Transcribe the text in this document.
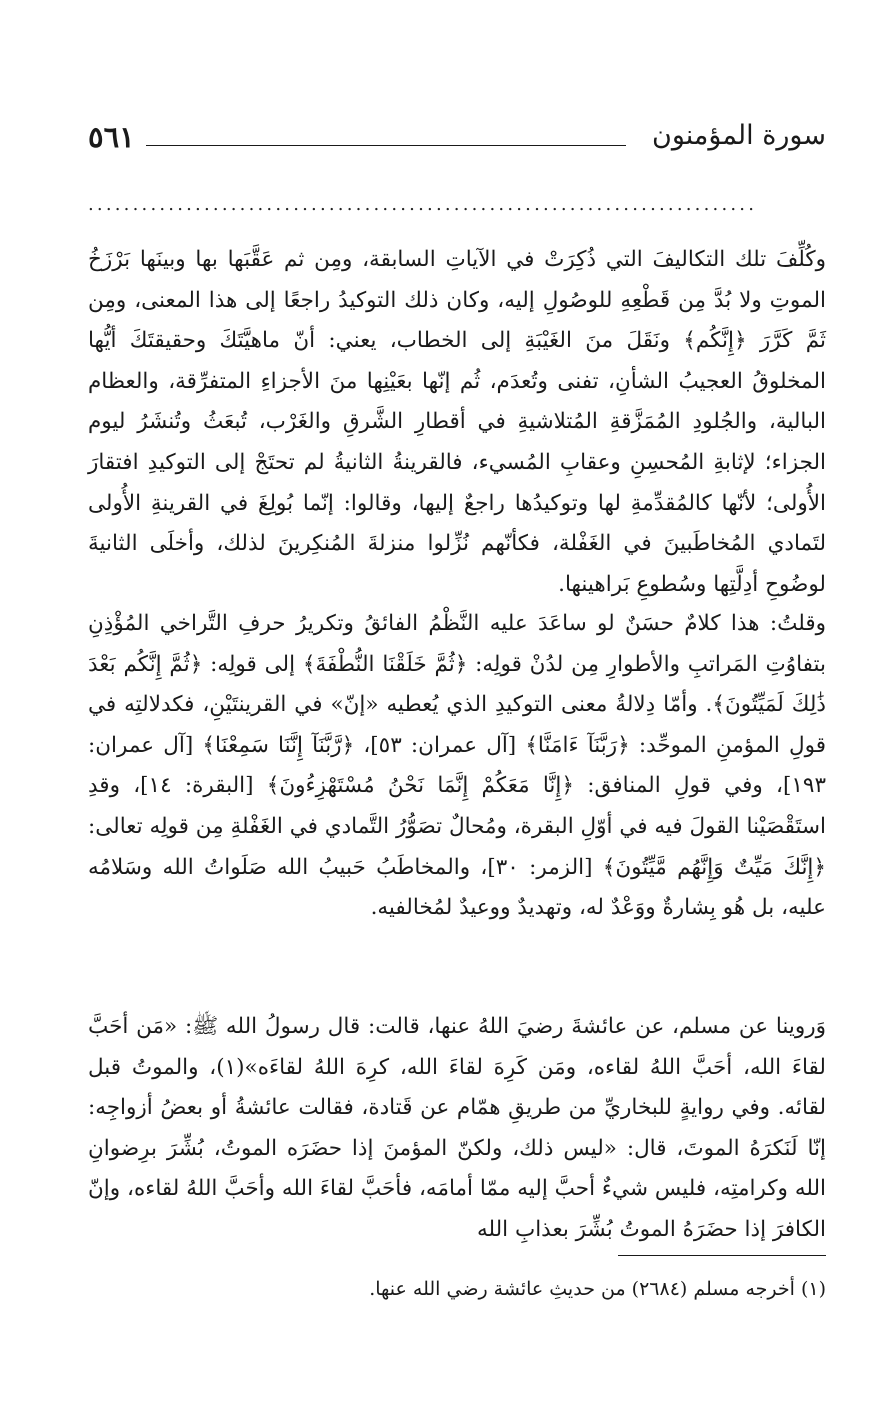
٥٦١	سورة المؤمنون
...........................................................................
وكُلِّفَ تلك التكاليفَ التي ذُكِرَتْ في الآياتِ السابقة، ومِن ثم عَقَّبَها بها وبينَها بَرْزَخُ الموتِ ولا بُدَّ مِن قَطْعِهِ للوصُولِ إليه، وكان ذلك التوكيدُ راجعًا إلى هذا المعنى، ومِن ثَمَّ كَرَّرَ ﴿إِنَّكُم﴾ ونَقَلَ منَ الغَيْبَةِ إلى الخطاب، يعني: أنّ ماهيَّتَكَ وحقيقتَكَ أيُّها المخلوقُ العجيبُ الشأنِ، تفنى وتُعدَم، ثُم إنّها بعَيْنِها منَ الأجزاءِ المتفرِّقة، والعظام البالية، والجُلودِ المُمَزَّقةِ المُتلاشيةِ في أقطارِ الشَّرقِ والغَرْب، تُبعَثُ وتُنشَرُ ليوم الجزاء؛ لإثابةِ المُحسِنِ وعقابِ المُسيء، فالقرينةُ الثانيةُ لم تحتَجْ إلى التوكيدِ افتقارَ الأُولى؛ لأنّها كالمُقدِّمةِ لها وتوكيدُها راجعٌ إليها، وقالوا: إنّما بُولِغَ في القرينةِ الأُولى لتَمادي المُخاطَبينَ في الغَفْلة، فكأنّهم نُزِّلوا منزلةَ المُنكِرينَ لذلك، وأخلَى الثانيةَ لوضُوحِ أدِلَّتِها وسُطوعِ بَراهينها.
وقلتُ: هذا كلامٌ حسَنٌ لو ساعَدَ عليه النَّظْمُ الفائقُ وتكريرُ حرفِ التَّراخي المُؤْذِنِ بتفاوُتِ المَراتبِ والأطوارِ مِن لدُنْ قولِه: ﴿ثُمَّ خَلَقْنَا النُّطْفَةَ﴾ إلى قولِه: ﴿ثُمَّ إِنَّكُم بَعْدَ ذَٰلِكَ لَمَيِّتُونَ﴾. وأمّا دِلالةُ معنى التوكيدِ الذي يُعطيه «إنّ» في القرينتَيْنِ، فكدلالتِه في قولِ المؤمنِ الموحِّد: ﴿رَبَّنَآ ءَامَنَّا﴾ [آل عمران: ٥٣]، ﴿رَّبَّنَآ إِنَّنَا سَمِعْنَا﴾ [آل عمران: ١٩٣]، وفي قولِ المنافق: ﴿إِنَّا مَعَكُمْ إِنَّمَا نَحْنُ مُسْتَهْزِءُونَ﴾ [البقرة: ١٤]، وقدِ استَقْصَيْنا القولَ فيه في أوّلِ البقرة، ومُحالٌ تصَوُّرُ التَّمادي في الغَفْلةِ مِن قولِه تعالى: ﴿إِنَّكَ مَيِّتٌ وَإِنَّهُم مَّيِّتُونَ﴾ [الزمر: ٣٠]، والمخاطَبُ حَبيبُ الله صَلَواتُ الله وسَلامُه عليه، بل هُو بِشارةٌ ووَعْدٌ له، وتهديدٌ ووعيدٌ لمُخالفيه.
وَروينا عن مسلم، عن عائشةَ رضيَ اللهُ عنها، قالت: قال رسولُ الله ﷺ: «مَن أحَبَّ لقاءَ الله، أحَبَّ اللهُ لقاءه، ومَن كَرِهَ لقاءَ الله، كرِهَ اللهُ لقاءَه»(١)، والموتُ قبل لقائه. وفي روايةٍ للبخاريِّ من طريقِ همّام عن قَتادة، فقالت عائشةُ أو بعضُ أزواجِه: إنّا لَنَكرَهُ الموتَ، قال: «ليس ذلك، ولكنّ المؤمنَ إذا حضَرَه الموتُ، بُشِّرَ برِضوانِ الله وكرامتِه، فليس شيءٌ أحبَّ إليه ممّا أمامَه، فأحَبَّ لقاءَ الله وأحَبَّ اللهُ لقاءه، وإنّ الكافرَ إذا حضَرَهُ الموتُ بُشِّرَ بعذابِ الله
(١) أخرجه مسلم (٢٦٨٤) من حديثِ عائشة رضي الله عنها.
